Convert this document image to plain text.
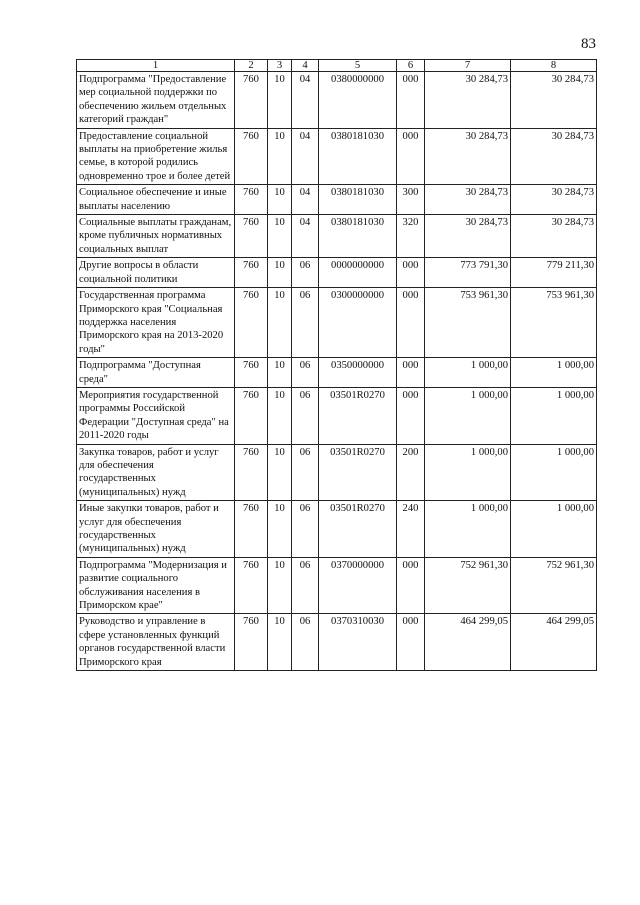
83
1	2	3	4	5	6	7	8
Подпрограмма "Предоставление мер социальной поддержки по обеспечению жильем отдельных категорий граждан"	760	10	04	0380000000	000	30 284,73	30 284,73
Предоставление социальной выплаты на приобретение жилья семье, в которой родились одновременно трое и более детей	760	10	04	0380181030	000	30 284,73	30 284,73
Социальное обеспечение и иные выплаты населению	760	10	04	0380181030	300	30 284,73	30 284,73
Социальные выплаты гражданам, кроме публичных нормативных социальных выплат	760	10	04	0380181030	320	30 284,73	30 284,73
Другие вопросы в области социальной политики	760	10	06	0000000000	000	773 791,30	779 211,30
Государственная программа Приморского края "Социальная поддержка населения Приморского края на 2013-2020 годы"	760	10	06	0300000000	000	753 961,30	753 961,30
Подпрограмма "Доступная среда"	760	10	06	0350000000	000	1 000,00	1 000,00
Мероприятия государственной программы Российской Федерации "Доступная среда" на 2011-2020 годы	760	10	06	03501R0270	000	1 000,00	1 000,00
Закупка товаров, работ и услуг для обеспечения государственных (муниципальных) нужд	760	10	06	03501R0270	200	1 000,00	1 000,00
Иные закупки товаров, работ и услуг для обеспечения государственных (муниципальных) нужд	760	10	06	03501R0270	240	1 000,00	1 000,00
Подпрограмма "Модернизация и развитие социального обслуживания населения в Приморском крае"	760	10	06	0370000000	000	752 961,30	752 961,30
Руководство и управление в сфере установленных функций органов государственной власти Приморского края	760	10	06	0370310030	000	464 299,05	464 299,05
